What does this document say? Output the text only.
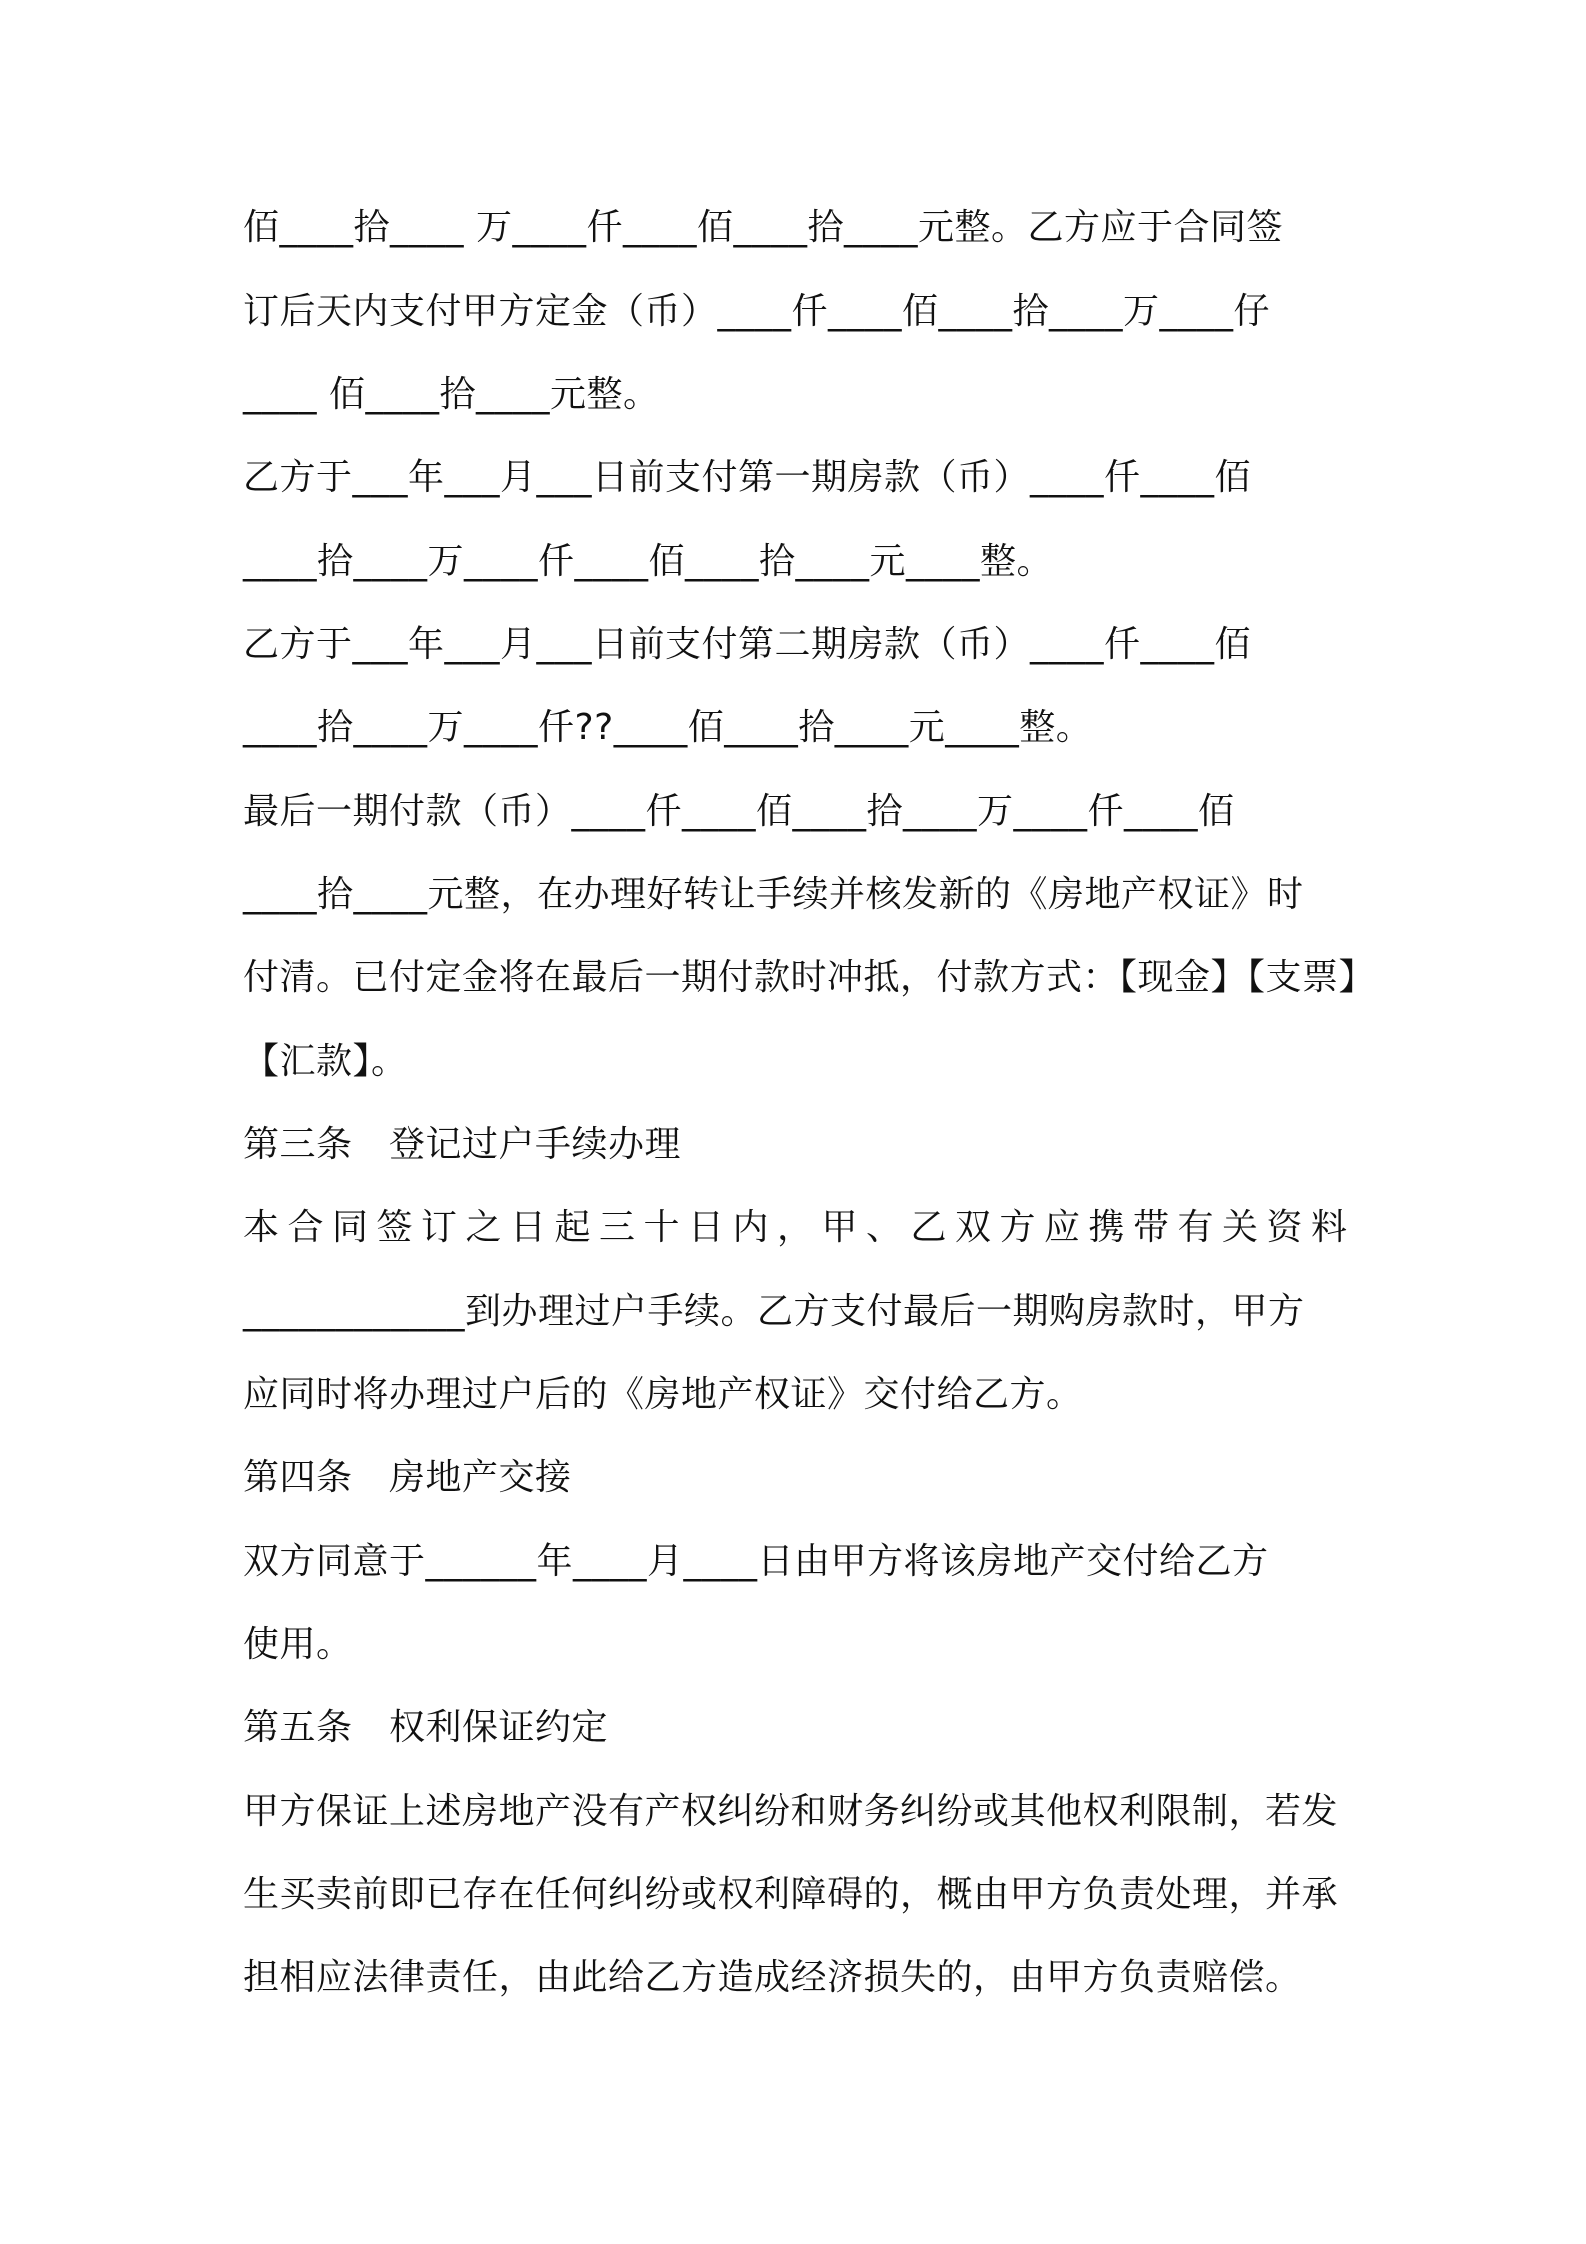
佰____拾____ 万____仟____佰____拾____元整。乙方应于合同签
订后天内支付甲方定金（币）____仟____佰____拾____万____仔
____ 佰____拾____元整。
乙方于___年___月___日前支付第一期房款（币）____仟____佰
____拾____万____仟____佰____拾____元____整。
乙方于___年___月___日前支付第二期房款（币）____仟____佰
____拾____万____仟??____佰____拾____元____整。
最后一期付款（币）____仟____佰____拾____万____仟____佰
____拾____元整，在办理好转让手续并核发新的《房地产权证》时
付清。已付定金将在最后一期付款时冲抵，付款方式：【现金】【支票】
【汇款】。
第三条　登记过户手续办理
本合同签订之日起三十日内，甲、乙双方应携带有关资料
____________到办理过户手续。乙方支付最后一期购房款时，甲方
应同时将办理过户后的《房地产权证》交付给乙方。
第四条　房地产交接
双方同意于______年____月____日由甲方将该房地产交付给乙方
使用。
第五条　权利保证约定
甲方保证上述房地产没有产权纠纷和财务纠纷或其他权利限制，若发
生买卖前即已存在任何纠纷或权利障碍的，概由甲方负责处理，并承
担相应法律责任，由此给乙方造成经济损失的，由甲方负责赔偿。
